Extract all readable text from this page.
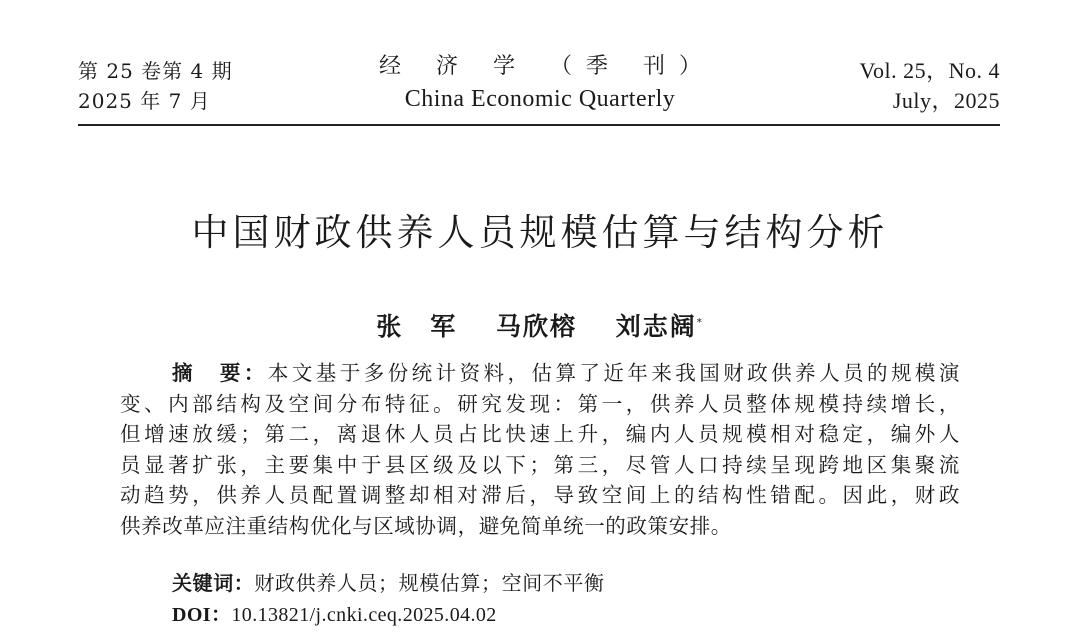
第 25 卷第 4 期
2025 年 7 月
经 济 学 （季 刊）
China Economic Quarterly
Vol. 25，No. 4
July，2025
中国财政供养人员规模估算与结构分析
张　军 马欣榕 刘志阔*
摘　要：本文基于多份统计资料，估算了近年来我国财政供养人员的规模演
变、内部结构及空间分布特征。研究发现：第一，供养人员整体规模持续增长，
但增速放缓；第二，离退休人员占比快速上升，编内人员规模相对稳定，编外人
员显著扩张，主要集中于县区级及以下；第三，尽管人口持续呈现跨地区集聚流
动趋势，供养人员配置调整却相对滞后，导致空间上的结构性错配。因此，财政
供养改革应注重结构优化与区域协调，避免简单统一的政策安排。
关键词：财政供养人员；规模估算；空间不平衡
DOI：10.13821/j.cnki.ceq.2025.04.02
